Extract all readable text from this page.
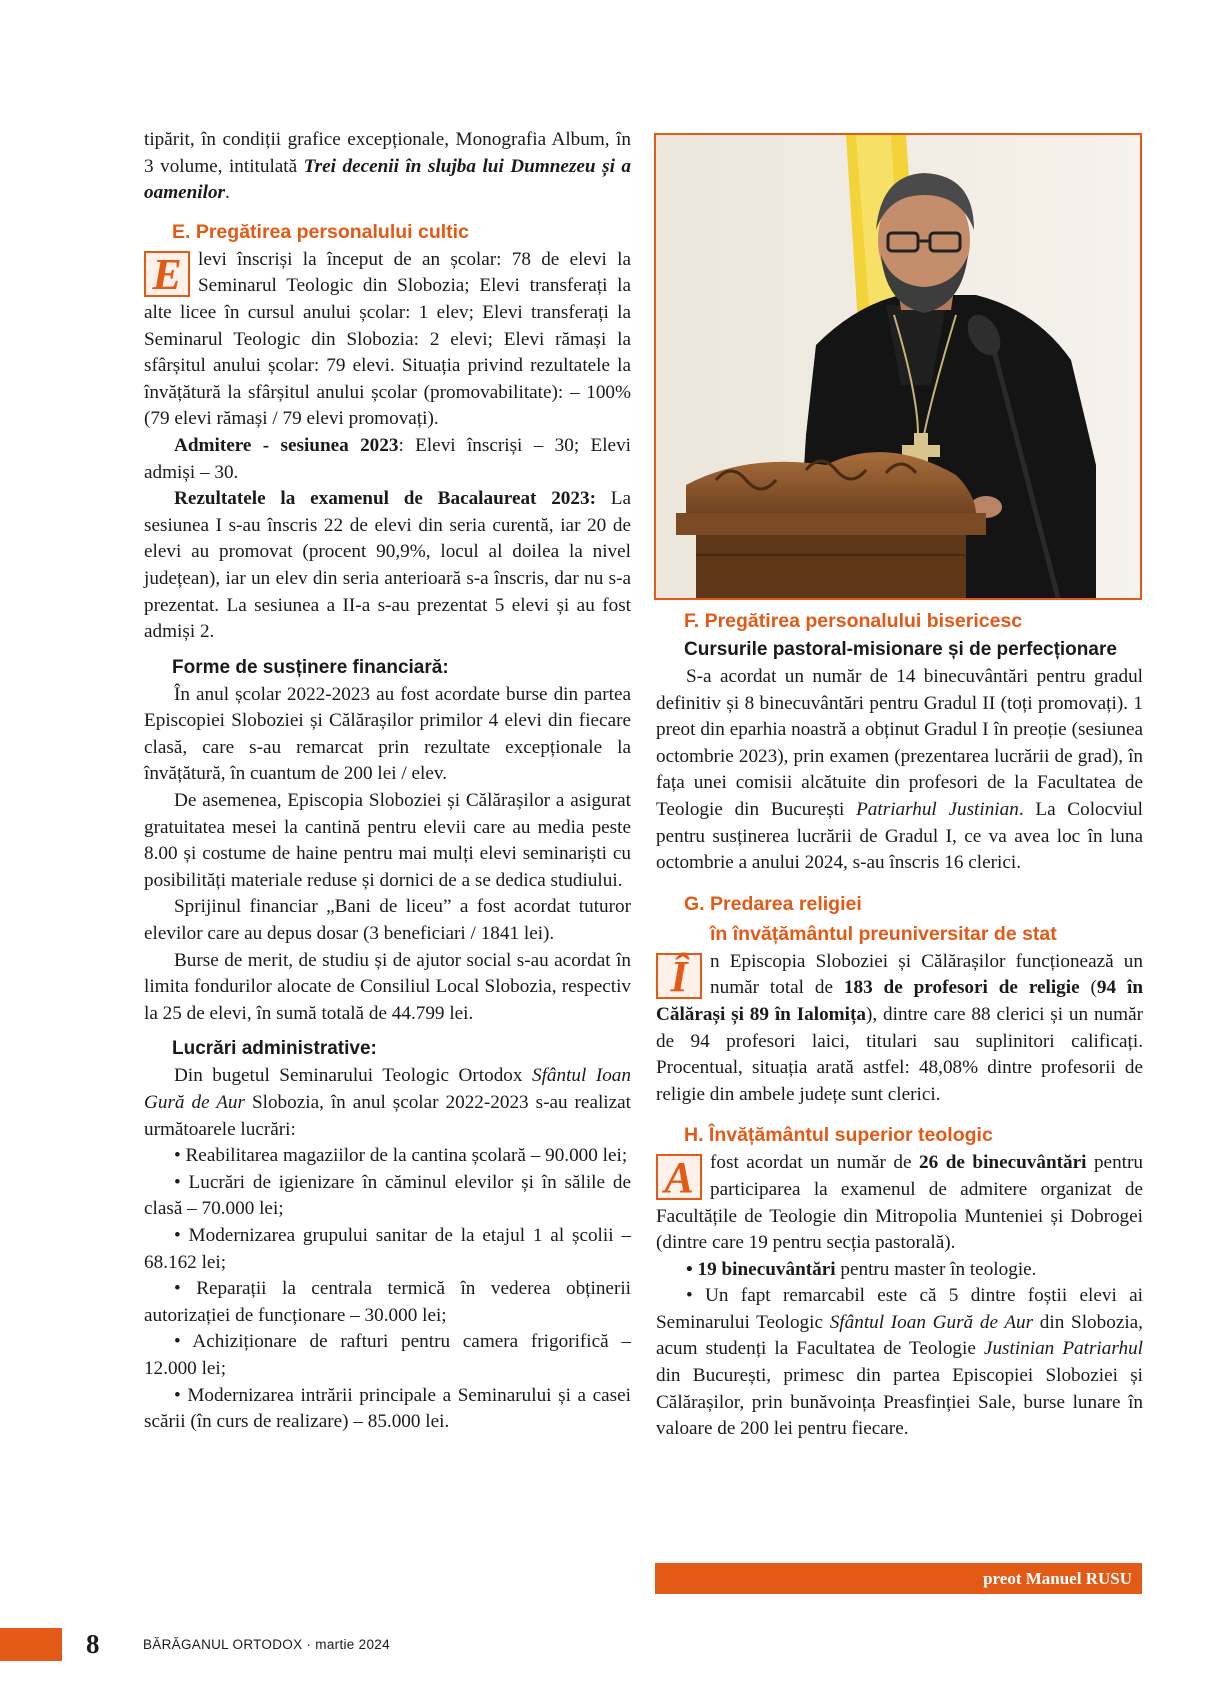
tipărit, în condiții grafice excepționale, Monografia Album, în 3 volume, intitulată Trei decenii în slujba lui Dumnezeu și a oamenilor.

E. Pregătirea personalului cultic

E levi înscriși la început de an școlar: 78 de elevi la Seminarul Teologic din Slobozia; Elevi transferați la alte licee în cursul anului școlar: 1 elev; Elevi transferați la Seminarul Teologic din Slobozia: 2 elevi; Elevi rămași la sfârșitul anului școlar: 79 elevi. Situația privind rezultatele la învățătură la sfârșitul anului școlar (promovabilitate): – 100% (79 elevi rămași / 79 elevi promovați).

Admitere - sesiunea 2023: Elevi înscriși – 30; Elevi admiși – 30.

Rezultatele la examenul de Bacalaureat 2023: La sesiunea I s-au înscris 22 de elevi din seria curentă, iar 20 de elevi au promovat (procent 90,9%, locul al doilea la nivel județean), iar un elev din seria anterioară s-a înscris, dar nu s-a prezentat. La sesiunea a II-a s-au prezentat 5 elevi și au fost admiși 2.

Forme de susținere financiară:

În anul școlar 2022-2023 au fost acordate burse din partea Episcopiei Sloboziei și Călărașilor primilor 4 elevi din fiecare clasă, care s-au remarcat prin rezultate excepționale la învățătură, în cuantum de 200 lei / elev.

De asemenea, Episcopia Sloboziei și Călărașilor a asigurat gratuitatea mesei la cantină pentru elevii care au media peste 8.00 și costume de haine pentru mai mulți elevi seminariști cu posibilități materiale reduse și dornici de a se dedica studiului.

Sprijinul financiar „Bani de liceu” a fost acordat tuturor elevilor care au depus dosar (3 beneficiari / 1841 lei).

Burse de merit, de studiu și de ajutor social s-au acordat în limita fondurilor alocate de Consiliul Local Slobozia, respectiv la 25 de elevi, în sumă totală de 44.799 lei.

Lucrări administrative:

Din bugetul Seminarului Teologic Ortodox Sfântul Ioan Gură de Aur Slobozia, în anul școlar 2022-2023 s-au realizat următoarele lucrări:

• Reabilitarea magaziilor de la cantina școlară – 90.000 lei;

• Lucrări de igienizare în căminul elevilor și în sălile de clasă – 70.000 lei;

• Modernizarea grupului sanitar de la etajul 1 al școlii – 68.162 lei;

• Reparații la centrala termică în vederea obținerii autorizației de funcționare – 30.000 lei;

• Achiziționare de rafturi pentru camera frigorifică – 12.000 lei;

• Modernizarea intrării principale a Seminarului și a casei scării (în curs de realizare) – 85.000 lei.

F. Pregătirea personalului bisericesc
Cursurile pastoral-misionare și de perfecționare

S-a acordat un număr de 14 binecuvântări pentru gradul definitiv și 8 binecuvântări pentru Gradul II (toți promovați). 1 preot din eparhia noastră a obținut Gradul I în preoție (sesiunea octombrie 2023), prin examen (prezentarea lucrării de grad), în fața unei comisii alcătuite din profesori de la Facultatea de Teologie din București Patriarhul Justinian. La Colocviul pentru susținerea lucrării de Gradul I, ce va avea loc în luna octombrie a anului 2024, s-au înscris 16 clerici.

G. Predarea religiei
în învățământul preuniversitar de stat

Î	n Episcopia Sloboziei și Călărașilor funcționează un număr total de 183 de profesori de religie (94 în Călărași și 89 în Ialomița), dintre care 88 clerici și un număr de 94 profesori laici, titulari sau suplinitori calificați. Procentual, situația arată astfel: 48,08% dintre profesorii de religie din ambele județe sunt clerici.

H. Învățământul superior teologic

A fost acordat un număr de 26 de binecuvântări pentru participarea la examenul de admitere organizat de Facultățile de Teologie din Mitropolia Munteniei și Dobrogei (dintre care 19 pentru secția pastorală).

• 19 binecuvântări pentru master în teologie.

• Un fapt remarcabil este că 5 dintre foștii elevi ai Seminarului Teologic Sfântul Ioan Gură de Aur din Slobozia, acum studenți la Facultatea de Teologie Justinian Patriarhul din București, primesc din partea Episcopiei Sloboziei și Călărașilor, prin bunăvoința Preasfinției Sale, burse lunare în valoare de 200 lei pentru fiecare.

preot Manuel RUSU
8	BĂRĂGANUL ORTODOX · martie 2024
